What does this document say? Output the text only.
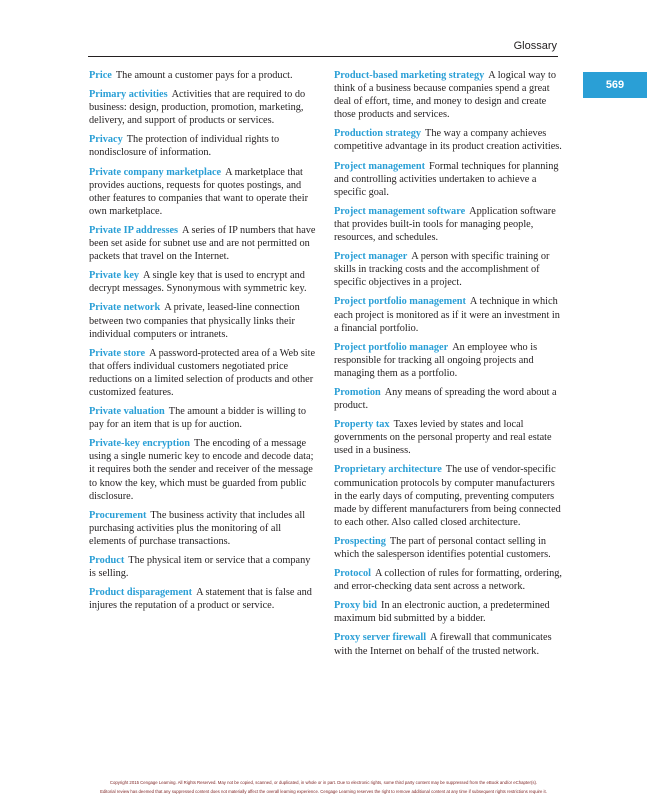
Glossary
569

Price The amount a customer pays for a product.

Primary activities Activities that are required to do business: design, production, promotion, marketing, delivery, and support of products or services.

Privacy The protection of individual rights to nondisclosure of information.

Private company marketplace A marketplace that provides auctions, requests for quotes postings, and other features to companies that want to operate their own marketplace.

Private IP addresses A series of IP numbers that have been set aside for subnet use and are not permitted on packets that travel on the Internet.

Private key A single key that is used to encrypt and decrypt messages. Synonymous with symmetric key.

Private network A private, leased-line connection between two companies that physically links their individual computers or intranets.

Private store A password-protected area of a Web site that offers individual customers negotiated price reductions on a limited selection of products and other customized features.

Private valuation The amount a bidder is willing to pay for an item that is up for auction.

Private-key encryption The encoding of a message using a single numeric key to encode and decode data; it requires both the sender and receiver of the message to know the key, which must be guarded from public disclosure.

Procurement The business activity that includes all purchasing activities plus the monitoring of all elements of purchase transactions.

Product The physical item or service that a company is selling.

Product disparagement A statement that is false and injures the reputation of a product or service.

Product-based marketing strategy A logical way to think of a business because companies spend a great deal of effort, time, and money to design and create those products and services.

Production strategy The way a company achieves competitive advantage in its product creation activities.

Project management Formal techniques for planning and controlling activities undertaken to achieve a specific goal.

Project management software Application software that provides built-in tools for managing people, resources, and schedules.

Project manager A person with specific training or skills in tracking costs and the accomplishment of specific objectives in a project.

Project portfolio management A technique in which each project is monitored as if it were an investment in a financial portfolio.

Project portfolio manager An employee who is responsible for tracking all ongoing projects and managing them as a portfolio.

Promotion Any means of spreading the word about a product.

Property tax Taxes levied by states and local governments on the personal property and real estate used in a business.

Proprietary architecture The use of vendor-specific communication protocols by computer manufacturers in the early days of computing, preventing computers made by different manufacturers from being connected to each other. Also called closed architecture.

Prospecting The part of personal contact selling in which the salesperson identifies potential customers.

Protocol A collection of rules for formatting, ordering, and error-checking data sent across a network.

Proxy bid In an electronic auction, a predetermined maximum bid submitted by a bidder.

Proxy server firewall A firewall that communicates with the Internet on behalf of the trusted network.

Copyright 2015 Cengage Learning. All Rights Reserved. May not be copied, scanned, or duplicated, in whole or in part. Due to electronic rights, some third party content may be suppressed from the eBook and/or eChapter(s).
Editorial review has deemed that any suppressed content does not materially affect the overall learning experience. Cengage Learning reserves the right to remove additional content at any time if subsequent rights restrictions require it.
